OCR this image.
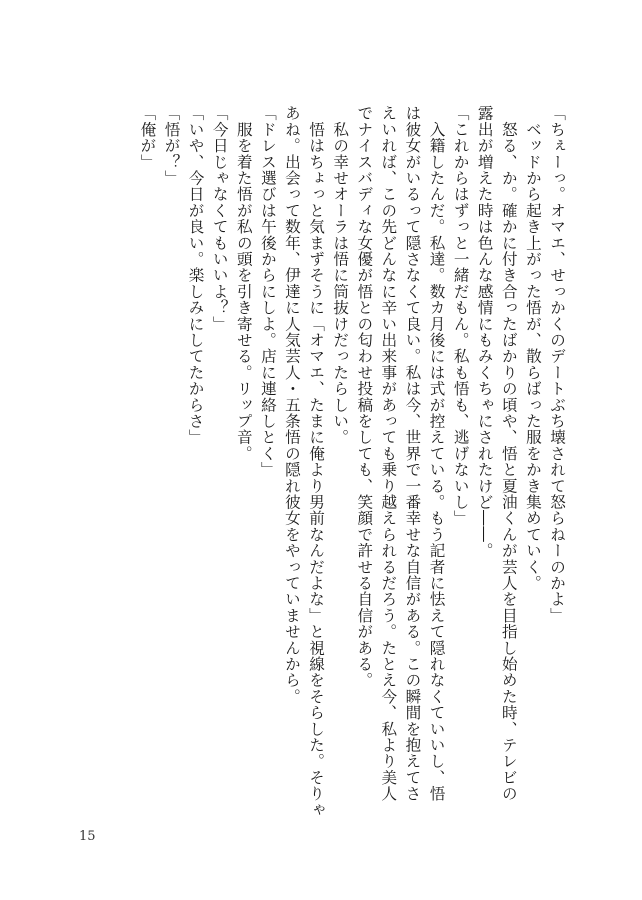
「ちぇーっ。オマエ、せっかくのデートぶち壊されて怒らねーのかよ」
　ベッドから起き上がった悟が、散らばった服をかき集めていく。
　怒る、か。確かに付き合ったばかりの頃や、悟と夏油くんが芸人を目指し始めた時、テレビの
露出が増えた時は色んな感情にもみくちゃにされたけど――。
「これからはずっと一緒だもん。私も悟も、逃げないし」
　入籍したんだ。私達。数カ月後には式が控えている。もう記者に怯えて隠れなくていいし、悟
は彼女がいるって隠さなくて良い。私は今、世界で一番幸せな自信がある。この瞬間を抱えてさ
えいれば、この先どんなに辛い出来事があっても乗り越えられるだろう。たとえ今、私より美人
でナイスバディな女優が悟との匂わせ投稿をしても、笑顔で許せる自信がある。
　私の幸せオーラは悟に筒抜けだったらしい。
　悟はちょっと気まずそうに「オマエ、たまに俺より男前なんだよな」と視線をそらした。そりゃ
あね。出会って数年、伊達に人気芸人・五条悟の隠れ彼女をやっていませんから。
「ドレス選びは午後からにしよ。店に連絡しとく」
　服を着た悟が私の頭を引き寄せる。リップ音。
「今日じゃなくてもいいよ？」
「いや、今日が良い。楽しみにしてたからさ」
「悟が？」
「俺が」
15
